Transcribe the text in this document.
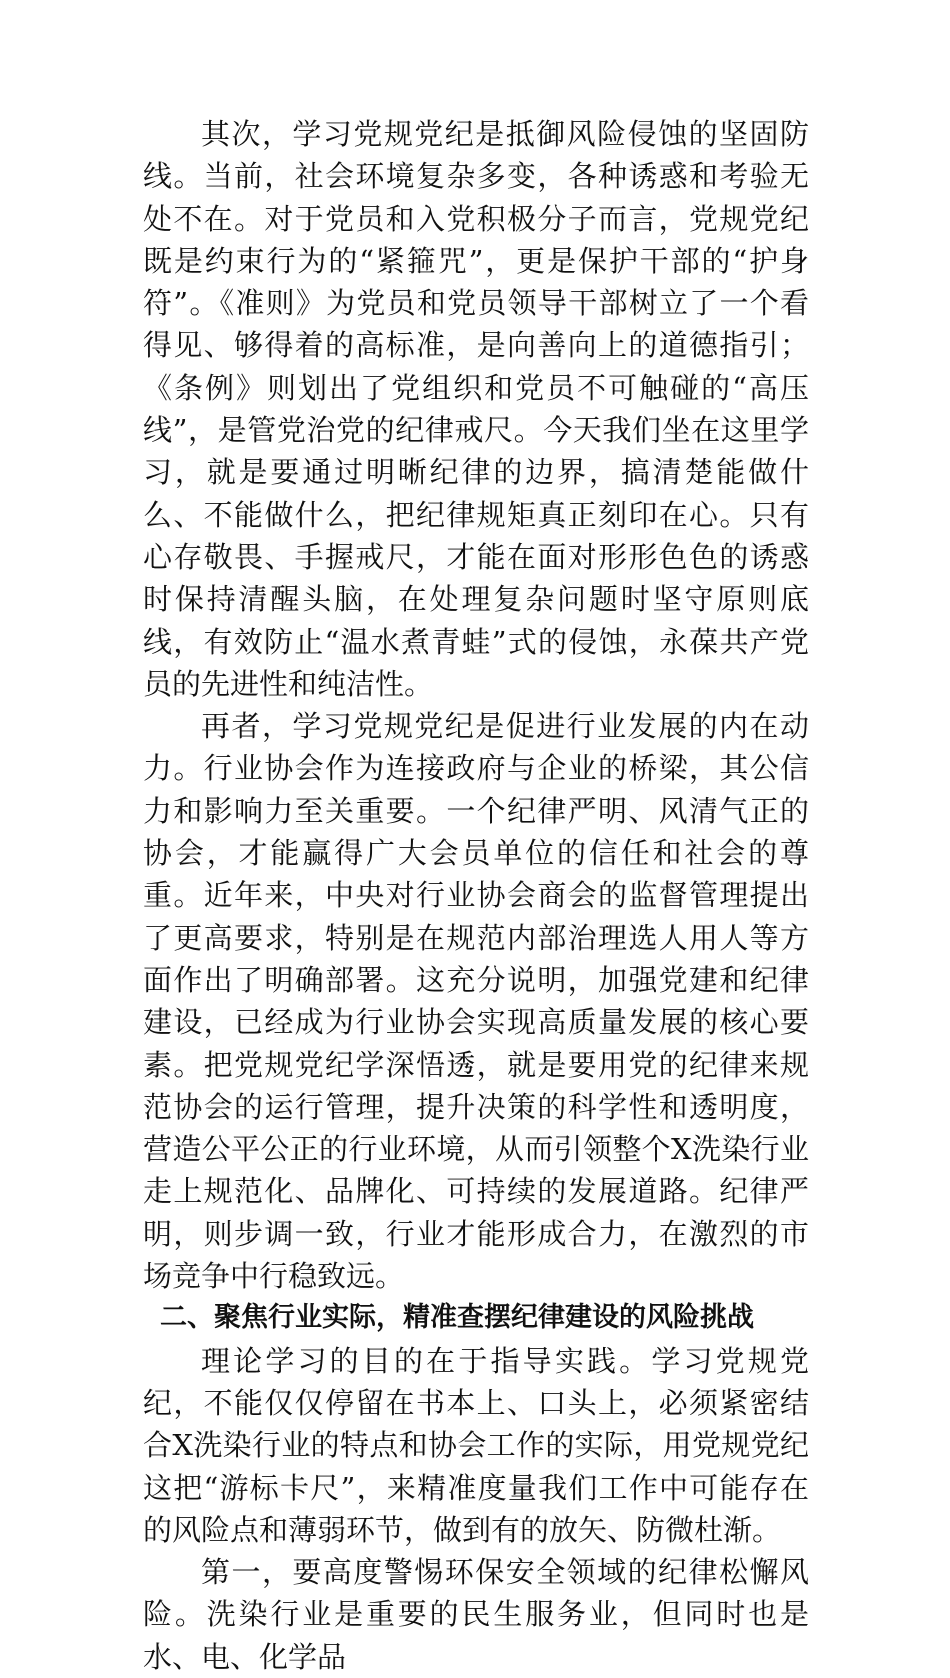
其次，学习党规党纪是抵御风险侵蚀的坚固防线。当前，社会环境复杂多变，各种诱惑和考验无处不在。对于党员和入党积极分子而言，党规党纪既是约束行为的“紧箍咒”，更是保护干部的“护身符”。《准则》为党员和党员领导干部树立了一个看得见、够得着的高标准，是向善向上的道德指引；《条例》则划出了党组织和党员不可触碰的“高压线”，是管党治党的纪律戒尺。今天我们坐在这里学习，就是要通过明晰纪律的边界，搞清楚能做什么、不能做什么，把纪律规矩真正刻印在心。只有心存敬畏、手握戒尺，才能在面对形形色色的诱惑时保持清醒头脑，在处理复杂问题时坚守原则底线，有效防止“温水煮青蛙”式的侵蚀，永葆共产党员的先进性和纯洁性。

再者，学习党规党纪是促进行业发展的内在动力。行业协会作为连接政府与企业的桥梁，其公信力和影响力至关重要。一个纪律严明、风清气正的协会，才能赢得广大会员单位的信任和社会的尊重。近年来，中央对行业协会商会的监督管理提出了更高要求，特别是在规范内部治理选人用人等方面作出了明确部署。这充分说明，加强党建和纪律建设，已经成为行业协会实现高质量发展的核心要素。把党规党纪学深悟透，就是要用党的纪律来规范协会的运行管理，提升决策的科学性和透明度，营造公平公正的行业环境，从而引领整个X洗染行业走上规范化、品牌化、可持续的发展道路。纪律严明，则步调一致，行业才能形成合力，在激烈的市场竞争中行稳致远。

二、聚焦行业实际，精准查摆纪律建设的风险挑战

理论学习的目的在于指导实践。学习党规党纪，不能仅仅停留在书本上、口头上，必须紧密结合X洗染行业的特点和协会工作的实际，用党规党纪这把“游标卡尺”，来精准度量我们工作中可能存在的风险点和薄弱环节，做到有的放矢、防微杜渐。

第一，要高度警惕环保安全领域的纪律松懈风险。洗染行业是重要的民生服务业，但同时也是水、电、化学品
